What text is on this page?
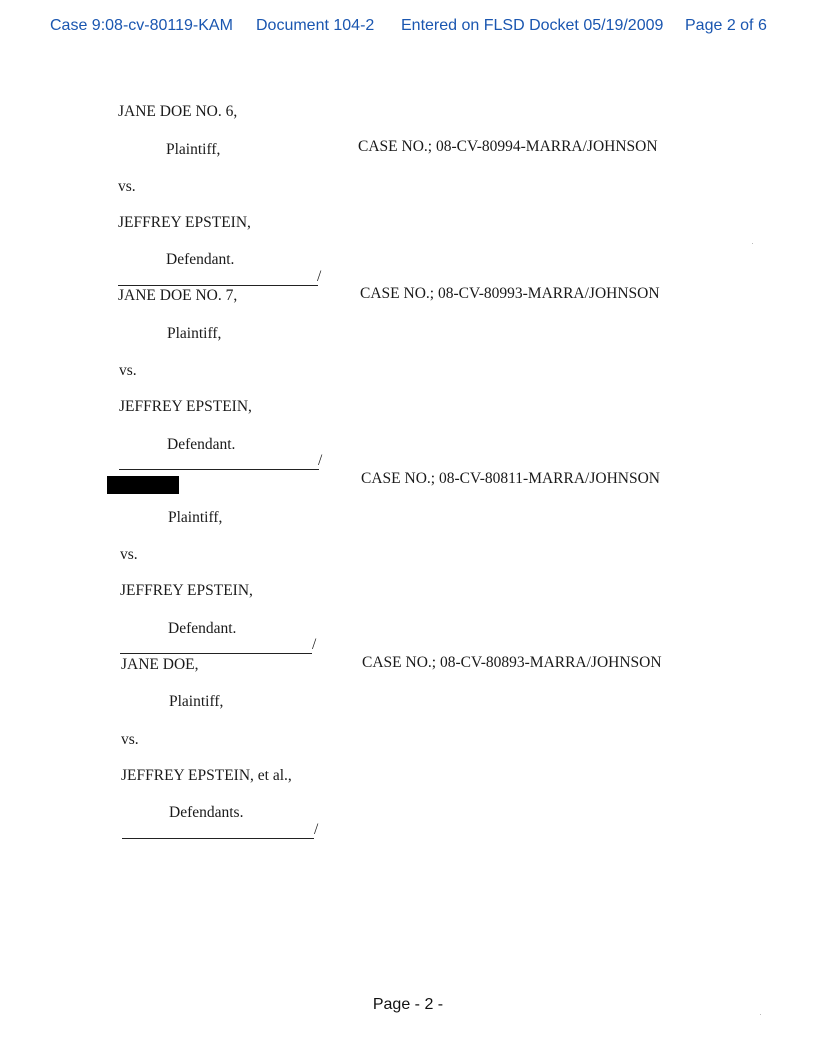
Case 9:08-cv-80119-KAM Document 104-2 Entered on FLSD Docket 05/19/2009 Page 2 of 6
JANE DOE NO. 6,
Plaintiff,	CASE NO.; 08-CV-80994-MARRA/JOHNSON
vs.
JEFFREY EPSTEIN,
Defendant.
/
JANE DOE NO. 7,	CASE NO.; 08-CV-80993-MARRA/JOHNSON
Plaintiff,
vs.
JEFFREY EPSTEIN,
Defendant.
/
CASE NO.; 08-CV-80811-MARRA/JOHNSON
Plaintiff,
vs.
JEFFREY EPSTEIN,
Defendant.
/
JANE DOE,	CASE NO.; 08-CV-80893-MARRA/JOHNSON
Plaintiff,
vs.
JEFFREY EPSTEIN, et al.,
Defendants.
/
Page - 2 -
